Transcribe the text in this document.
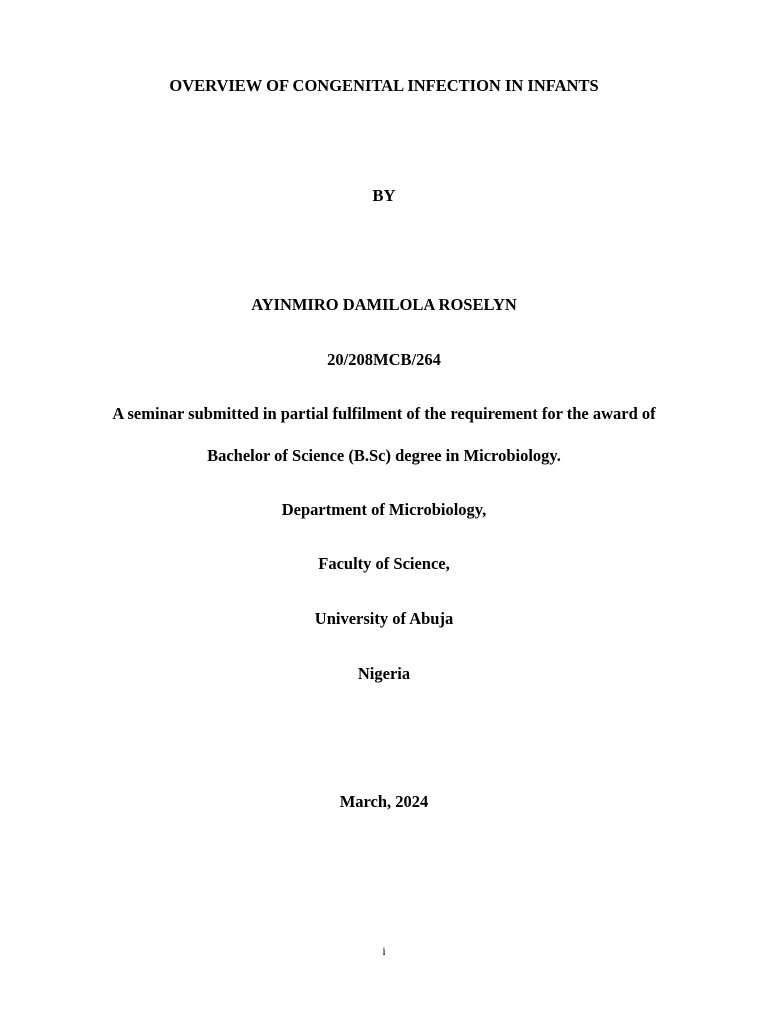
OVERVIEW OF CONGENITAL INFECTION IN INFANTS
BY
AYINMIRO DAMILOLA ROSELYN
20/208MCB/264
A seminar submitted in partial fulfilment of the requirement for the award of
Bachelor of Science (B.Sc) degree in Microbiology.
Department of Microbiology,
Faculty of Science,
University of Abuja
Nigeria
March, 2024
i
